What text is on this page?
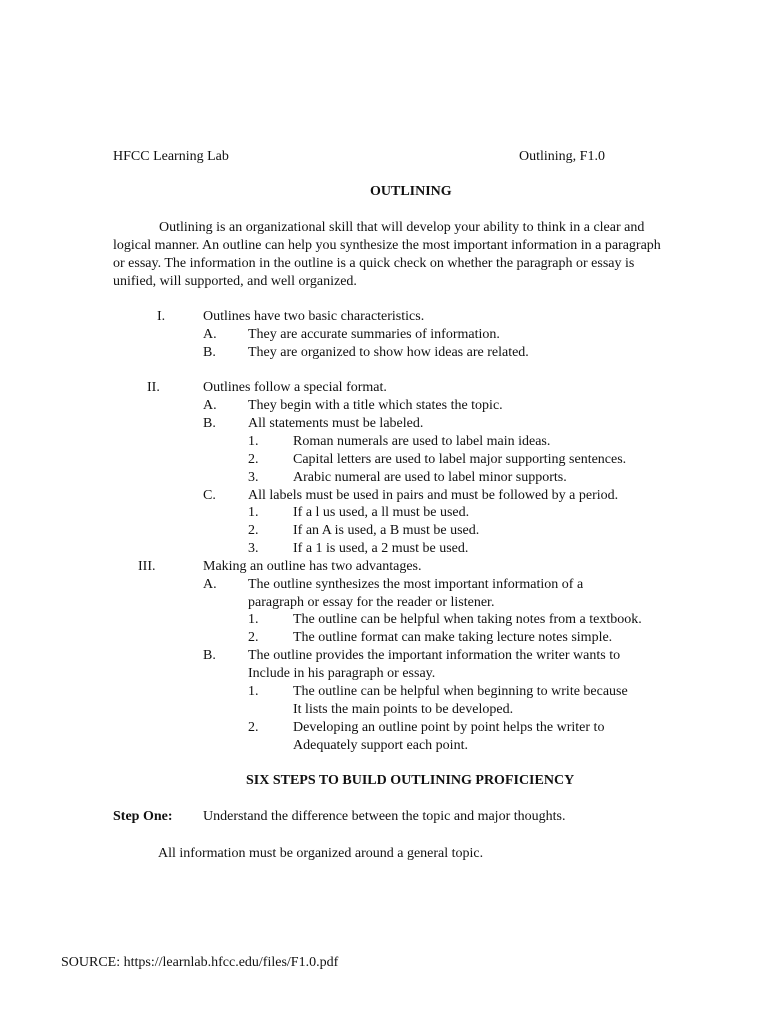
HFCC Learning Lab	Outlining, F1.0
OUTLINING
Outlining is an organizational skill that will develop your ability to think in a clear and
logical manner. An outline can help you synthesize the most important information in a paragraph
or essay. The information in the outline is a quick check on whether the paragraph or essay is
unified, will supported, and well organized.
I.	Outlines have two basic characteristics.
A. They are accurate summaries of information.
B. They are organized to show how ideas are related.
II.	Outlines follow a special format.
A. They begin with a title which states the topic.
B. All statements must be labeled.
1. Roman numerals are used to label main ideas.
2. Capital letters are used to label major supporting sentences.
3. Arabic numeral are used to label minor supports.
C. All labels must be used in pairs and must be followed by a period.
1. If a l us used, a ll must be used.
2. If an A is used, a B must be used.
3. If a 1 is used, a 2 must be used.
III.	Making an outline has two advantages.
A. The outline synthesizes the most important information of a
paragraph or essay for the reader or listener.
1. The outline can be helpful when taking notes from a textbook.
2. The outline format can make taking lecture notes simple.
B. The outline provides the important information the writer wants to
Include in his paragraph or essay.
1. The outline can be helpful when beginning to write because
It lists the main points to be developed.
2. Developing an outline point by point helps the writer to
Adequately support each point.
SIX STEPS TO BUILD OUTLINING PROFICIENCY
Step One: Understand the difference between the topic and major thoughts.
All information must be organized around a general topic.
SOURCE: https://learnlab.hfcc.edu/files/F1.0.pdf
